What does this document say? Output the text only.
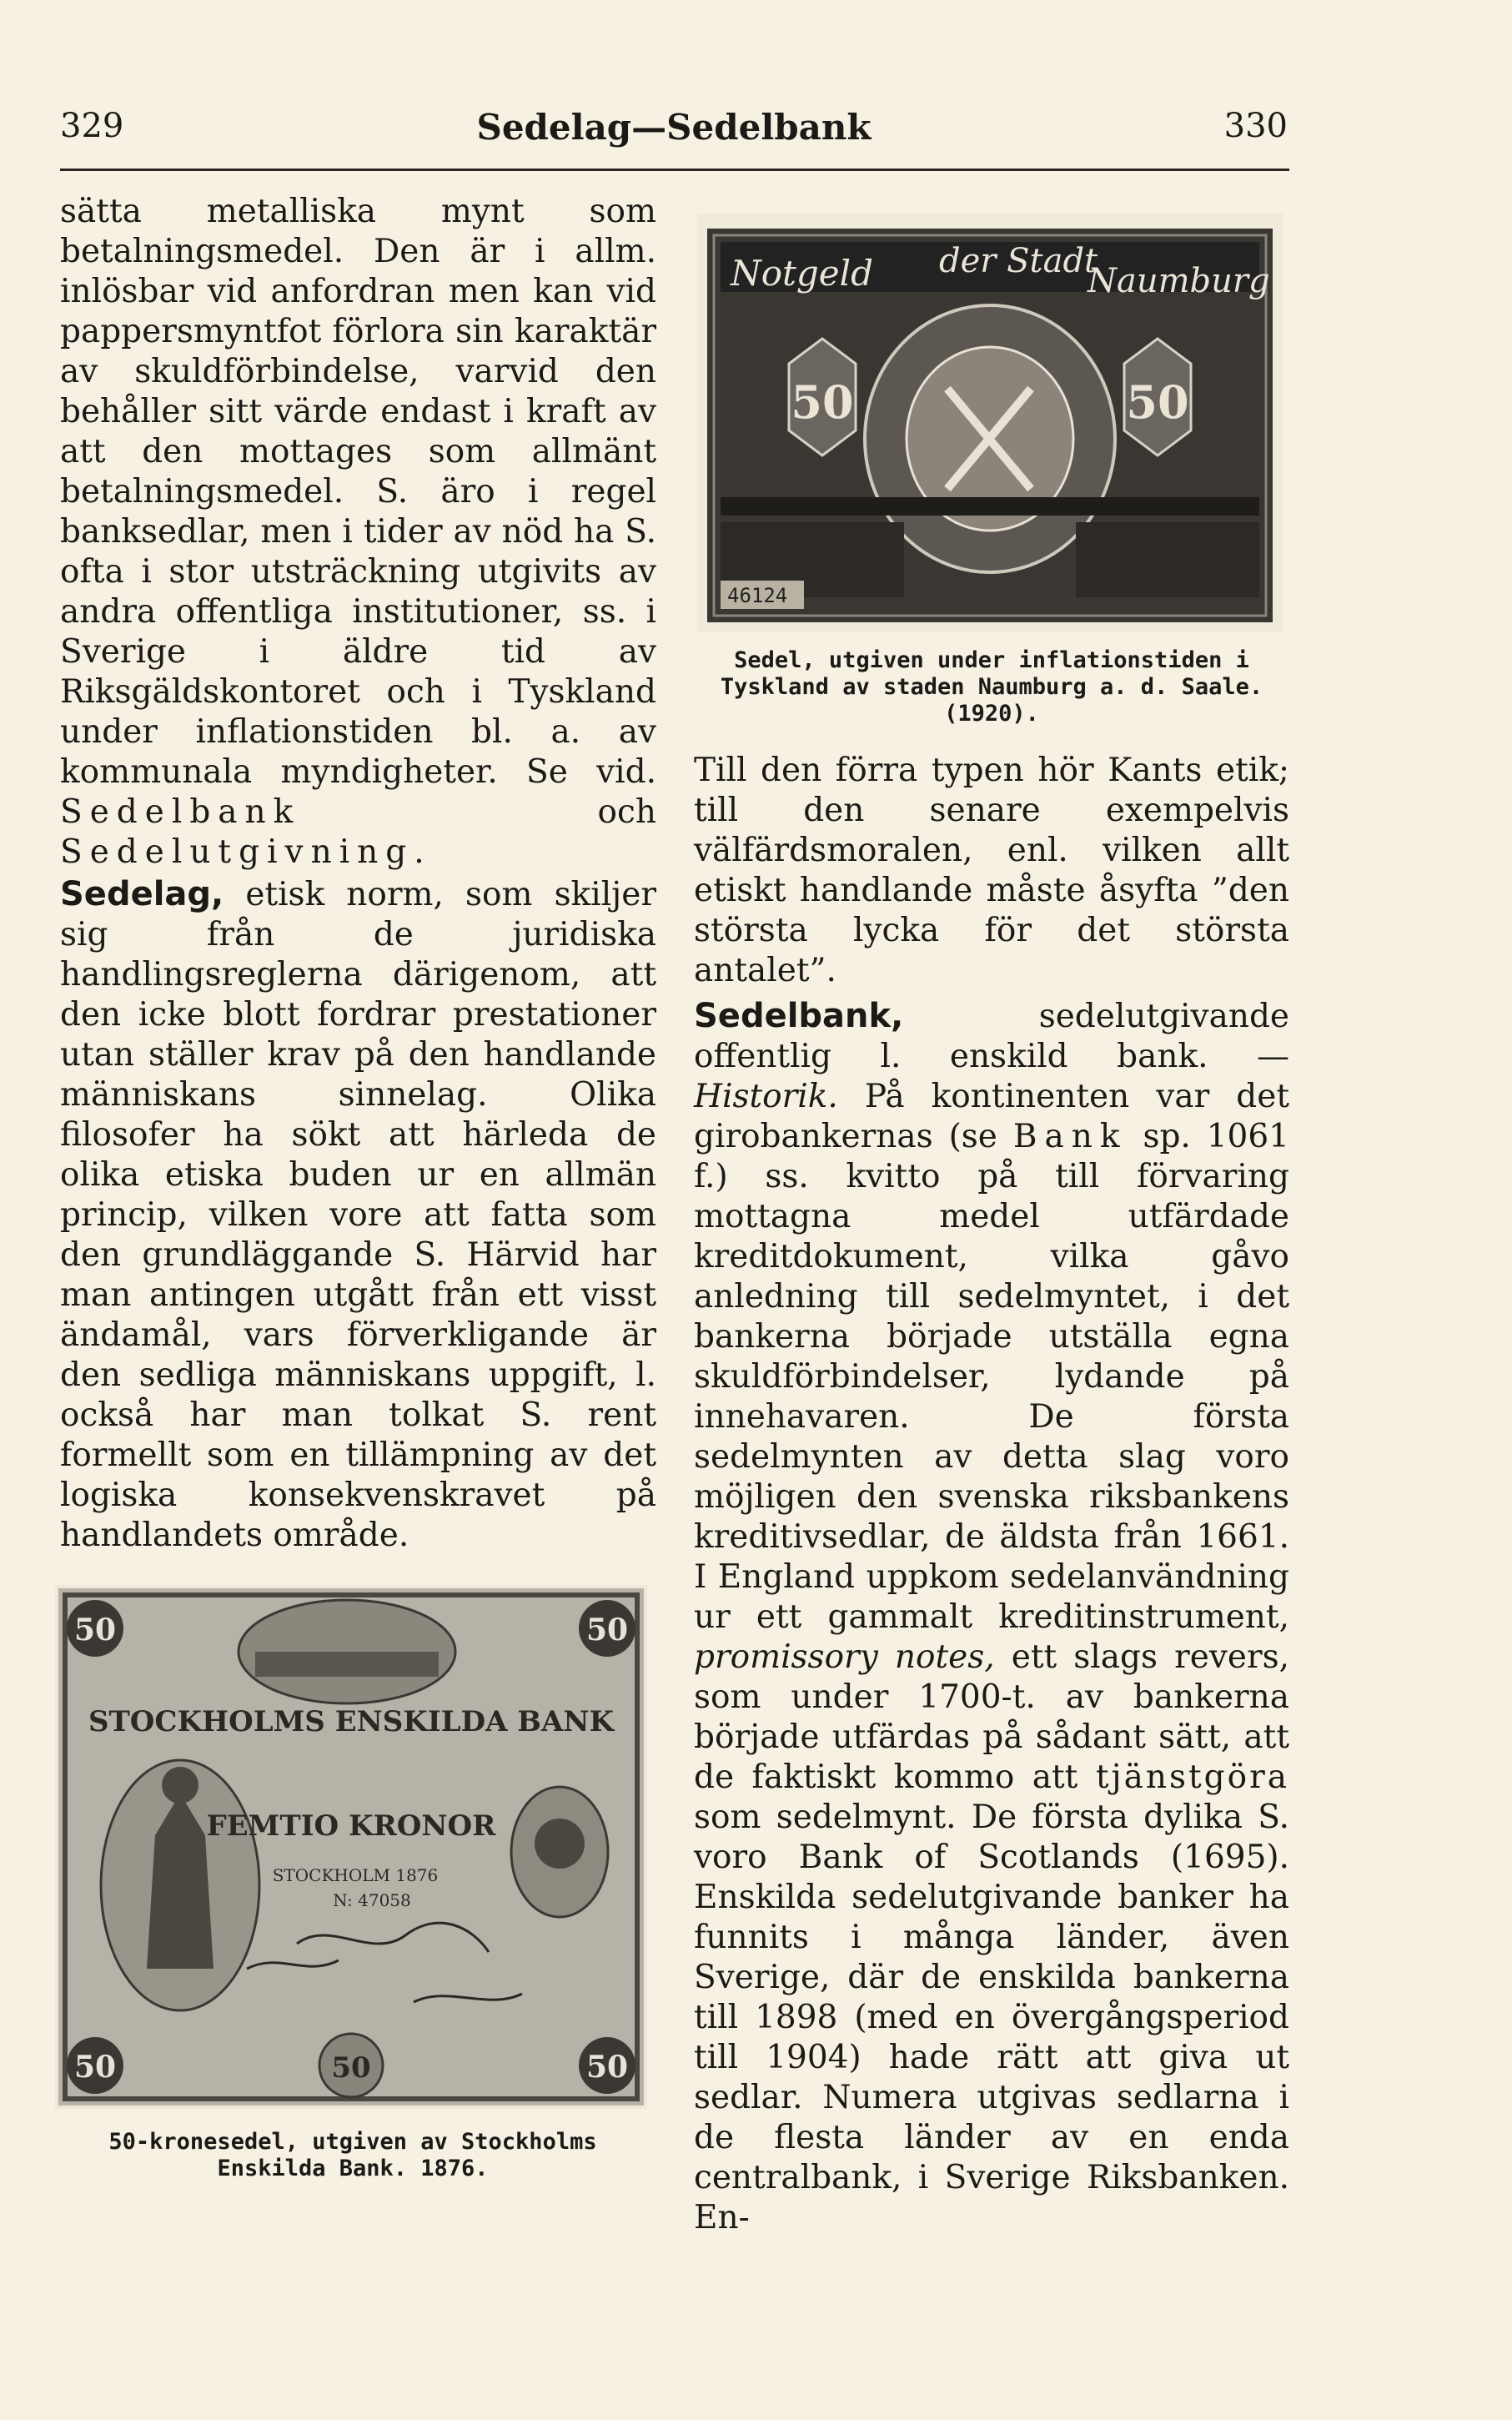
329	Sedelag—Sedelbank	330

sätta metalliska mynt som betalningsmedel. Den är i allm. inlösbar vid anfordran men kan vid pappersmyntfot förlora sin karaktär av skuldförbindelse, varvid den behåller sitt värde endast i kraft av att den mottages som allmänt betalningsmedel. S. äro i regel banksedlar, men i tider av nöd ha S. ofta i stor utsträckning utgivits av andra offentliga institutioner, ss. i Sverige i äldre tid av Riksgäldskontoret och i Tyskland under inflationstiden bl. a. av kommunala myndigheter. Se vid. Sedelbank	och Sedelutgivning.

Sedelag, etisk norm, som skiljer sig från de juridiska handlingsreglerna därigenom, att den icke blott fordrar prestationer utan ställer krav på den handlande människans sinnelag. Olika filosofer ha sökt att härleda de olika etiska buden ur en allmän princip, vilken vore att fatta som den grundläggande S. Härvid har man antingen utgått från ett visst ändamål, vars förverkligande är den sedliga människans uppgift, l. också har man tolkat S. rent formellt som en tillämpning av det logiska konsekvenskravet på handlandets område.

Notgeld der Stadt
Naumburg
50	50
46124
Sedel, utgiven under inflationstiden i Tyskland av staden Naumburg a. d. Saale. (1920).

Till den förra typen hör Kants etik; till den senare exempelvis välfärdsmoralen, enl. vilken allt etiskt handlande måste åsyfta ”den största lycka för det största antalet”.

Sedelbank,	sedelutgivande offentlig l. enskild bank. — Historik. På kontinenten var det girobankernas (se Bank sp. 1061 f.) ss. kvitto på till förvaring mottagna medel utfärdade kreditdokument, vilka gåvo anledning till sedelmyntet, i det bankerna började utställa egna skuldförbindelser, lydande på innehavaren. De första sedelmynten av detta slag voro möjligen den svenska riksbankens kreditivsedlar, de äldsta från 1661. I England uppkom sedelanvändning ur ett gammalt kreditinstrument, promissory notes, ett slags revers, som under 1700-t. av bankerna började utfärdas på sådant sätt, att de faktiskt kommo att tjänstgöra som sedelmynt. De första dylika S. voro Bank of Scotlands (1695). Enskilda sedelutgivande banker ha funnits i många länder, även Sverige, där de enskilda bankerna till 1898 (med en övergångsperiod till 1904) hade rätt att giva ut sedlar. Numera utgivas sedlarna i de flesta länder av en enda centralbank, i Sverige Riksbanken. En-

50	50
50	50
STOCKHOLMS ENSKILDA BANK
FEMTIO KRONOR
STOCKHOLM 1876
N: 47058
50
50-kronesedel, utgiven av Stockholms Enskilda Bank. 1876.
